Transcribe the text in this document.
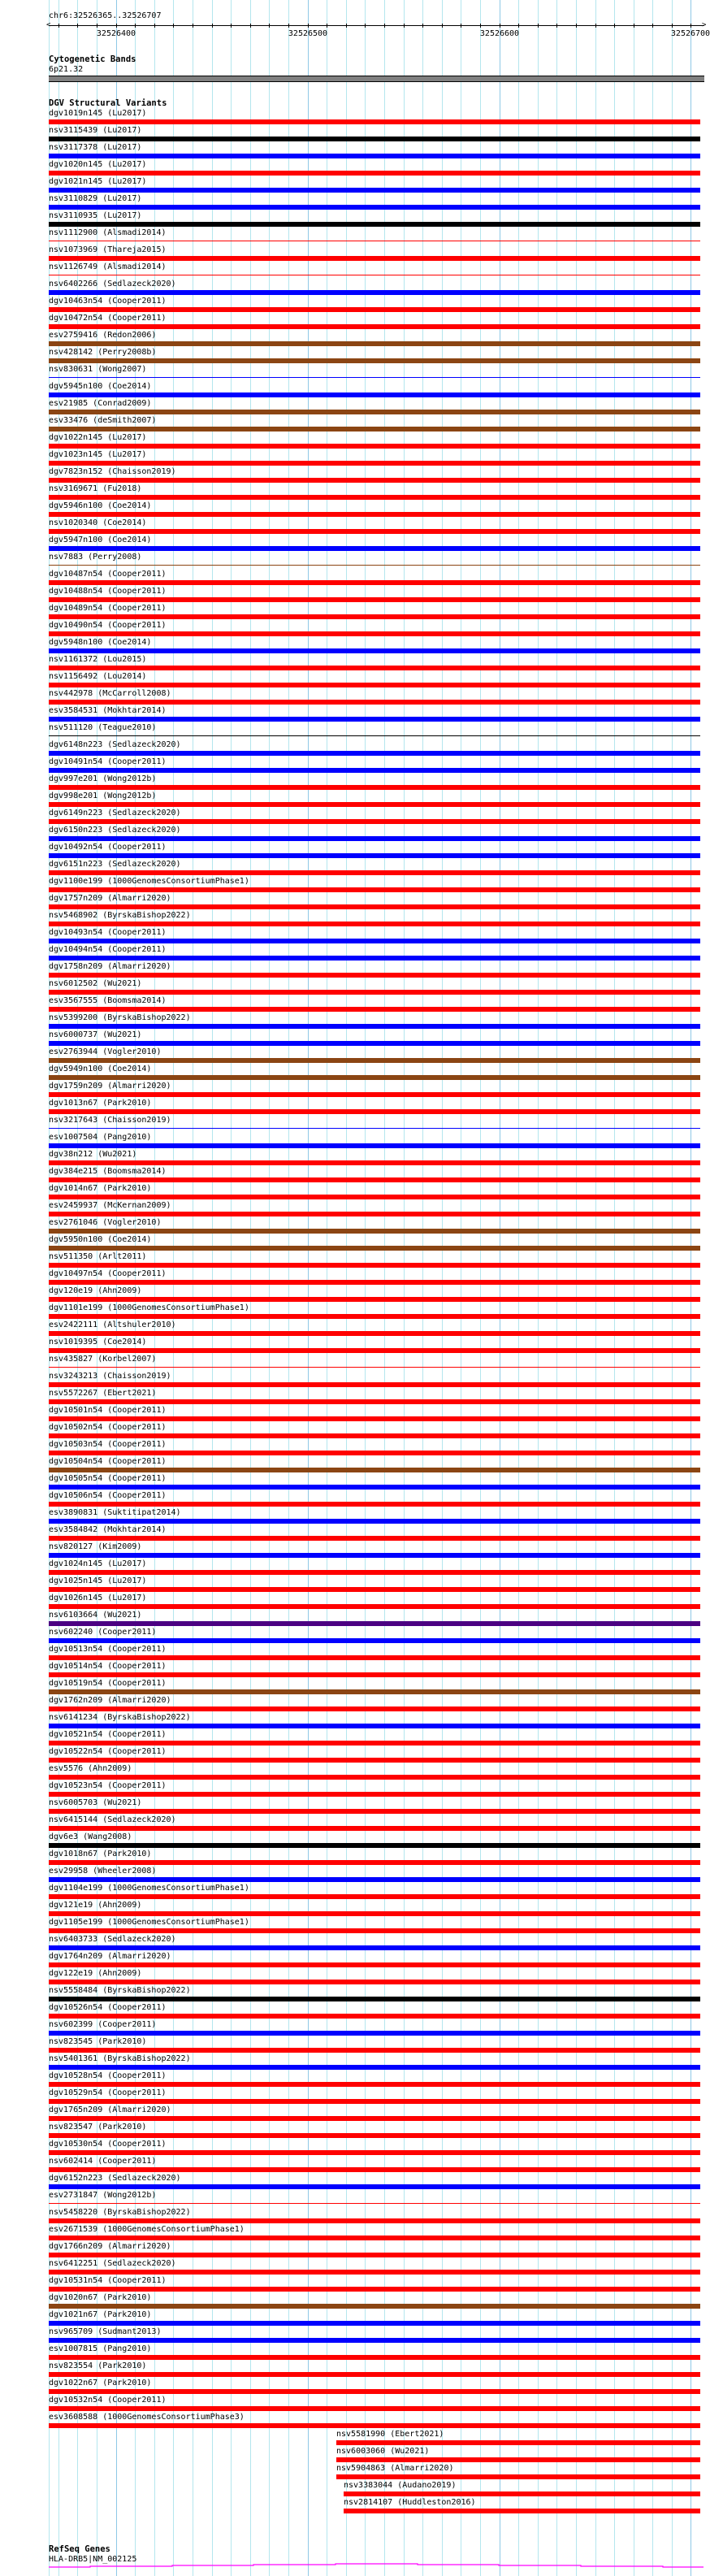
chr6:32526365..32526707
<	>
32526400	32526500	32526600	32526700
Cytogenetic Bands
6p21.32
DGV Structural Variants
dgv1019n145 (Lu2017)
nsv3115439 (Lu2017)
nsv3117378 (Lu2017)
dgv1020n145 (Lu2017)
dgv1021n145 (Lu2017)
nsv3110829 (Lu2017)
nsv3110935 (Lu2017)
nsv1112900 (Alsmadi2014)
nsv1073969 (Thareja2015)
nsv1126749 (Alsmadi2014)
nsv6402266 (Sedlazeck2020)
dgv10463n54 (Cooper2011)
dgv10472n54 (Cooper2011)
esv2759416 (Redon2006)
nsv428142 (Perry2008b)
nsv830631 (Wong2007)
dgv5945n100 (Coe2014)
esv21985 (Conrad2009)
esv33476 (deSmith2007)
dgv1022n145 (Lu2017)
dgv1023n145 (Lu2017)
dgv7823n152 (Chaisson2019)
nsv3169671 (Fu2018)
dgv5946n100 (Coe2014)
nsv1020340 (Coe2014)
dgv5947n100 (Coe2014)
nsv7883 (Perry2008)
dgv10487n54 (Cooper2011)
dgv10488n54 (Cooper2011)
dgv10489n54 (Cooper2011)
dgv10490n54 (Cooper2011)
dgv5948n100 (Coe2014)
nsv1161372 (Lou2015)
nsv1156492 (Lou2014)
nsv442978 (McCarroll2008)
esv3584531 (Mokhtar2014)
nsv511120 (Teague2010)
dgv6148n223 (Sedlazeck2020)
dgv10491n54 (Cooper2011)
dgv997e201 (Wong2012b)
dgv998e201 (Wong2012b)
dgv6149n223 (Sedlazeck2020)
dgv6150n223 (Sedlazeck2020)
dgv10492n54 (Cooper2011)
dgv6151n223 (Sedlazeck2020)
dgv1100e199 (1000GenomesConsortiumPhase1)
dgv1757n209 (Almarri2020)
nsv5468902 (ByrskaBishop2022)
dgv10493n54 (Cooper2011)
dgv10494n54 (Cooper2011)
dgv1758n209 (Almarri2020)
nsv6012502 (Wu2021)
esv3567555 (Boomsma2014)
nsv5399200 (ByrskaBishop2022)
nsv6000737 (Wu2021)
esv2763944 (Vogler2010)
dgv5949n100 (Coe2014)
dgv1759n209 (Almarri2020)
dgv1013n67 (Park2010)
nsv3217643 (Chaisson2019)
esv1007504 (Pang2010)
dgv38n212 (Wu2021)
dgv384e215 (Boomsma2014)
dgv1014n67 (Park2010)
esv2459937 (McKernan2009)
esv2761046 (Vogler2010)
dgv5950n100 (Coe2014)
nsv511350 (Arlt2011)
dgv10497n54 (Cooper2011)
dgv120e19 (Ahn2009)
dgv1101e199 (1000GenomesConsortiumPhase1)
esv2422111 (Altshuler2010)
nsv1019395 (Coe2014)
nsv435827 (Korbel2007)
nsv3243213 (Chaisson2019)
nsv5572267 (Ebert2021)
dgv10501n54 (Cooper2011)
dgv10502n54 (Cooper2011)
dgv10503n54 (Cooper2011)
dgv10504n54 (Cooper2011)
dgv10505n54 (Cooper2011)
dgv10506n54 (Cooper2011)
esv3890831 (Suktitipat2014)
esv3584842 (Mokhtar2014)
nsv820127 (Kim2009)
dgv1024n145 (Lu2017)
dgv1025n145 (Lu2017)
dgv1026n145 (Lu2017)
nsv6103664 (Wu2021)
nsv602240 (Cooper2011)
dgv10513n54 (Cooper2011)
dgv10514n54 (Cooper2011)
dgv10519n54 (Cooper2011)
dgv1762n209 (Almarri2020)
nsv6141234 (ByrskaBishop2022)
dgv10521n54 (Cooper2011)
dgv10522n54 (Cooper2011)
esv5576 (Ahn2009)
dgv10523n54 (Cooper2011)
nsv6005703 (Wu2021)
nsv6415144 (Sedlazeck2020)
dgv6e3 (Wang2008)
dgv1018n67 (Park2010)
esv29958 (Wheeler2008)
dgv1104e199 (1000GenomesConsortiumPhase1)
dgv121e19 (Ahn2009)
dgv1105e199 (1000GenomesConsortiumPhase1)
nsv6403733 (Sedlazeck2020)
dgv1764n209 (Almarri2020)
dgv122e19 (Ahn2009)
nsv5558484 (ByrskaBishop2022)
dgv10526n54 (Cooper2011)
nsv602399 (Cooper2011)
nsv823545 (Park2010)
nsv5401361 (ByrskaBishop2022)
dgv10528n54 (Cooper2011)
dgv10529n54 (Cooper2011)
dgv1765n209 (Almarri2020)
nsv823547 (Park2010)
dgv10530n54 (Cooper2011)
nsv602414 (Cooper2011)
dgv6152n223 (Sedlazeck2020)
esv2731847 (Wong2012b)
nsv5458220 (ByrskaBishop2022)
esv2671539 (1000GenomesConsortiumPhase1)
dgv1766n209 (Almarri2020)
nsv6412251 (Sedlazeck2020)
dgv10531n54 (Cooper2011)
dgv1020n67 (Park2010)
dgv1021n67 (Park2010)
nsv965709 (Sudmant2013)
esv1007815 (Pang2010)
nsv823554 (Park2010)
dgv1022n67 (Park2010)
dgv10532n54 (Cooper2011)
esv3608588 (1000GenomesConsortiumPhase3)
nsv5581990 (Ebert2021)
nsv6003060 (Wu2021)
nsv5904863 (Almarri2020)
nsv3383044 (Audano2019)
nsv2814107 (Huddleston2016)
RefSeq Genes
HLA-DRB5|NM_002125
